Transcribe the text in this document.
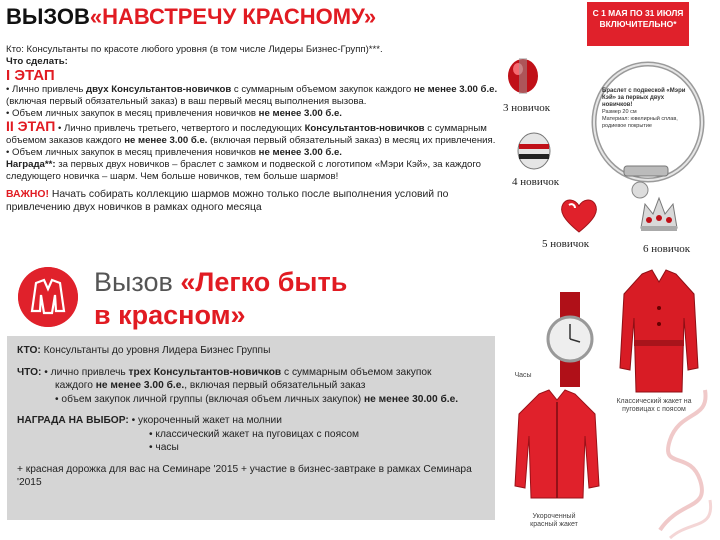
ВЫЗОВ«НАВСТРЕЧУ КРАСНОМУ»

Кто: Консультанты по красоте любого уровня (в том числе Лидеры Бизнес-Групп)***.

Что сделать:

I ЭТАП

• Лично привлечь двух Консультантов-новичков с суммарным объемом закупок каждого не менее 3.00 б.е. (включая первый обязательный заказ) в ваш первый месяц выполнения вызова.

• Объем личных закупок в месяц привлечения новичков не менее 3.00 б.е.

II ЭТАП • Лично привлечь третьего, четвертого и последующих Консультантов-новичков с суммарным объемом заказов каждого не менее 3.00 б.е. (включая первый обязательный заказ) в месяц их привлечения.

• Объем личных закупок в месяц привлечения новичков не менее 3.00 б.е.

Награда**: за первых двух новичков – браслет с замком и подвеской с логотипом «Мэри Кэй», за каждого следующего новичка – шарм. Чем больше новичков, тем больше шармов!

ВАЖНО! Начать собирать коллекцию шармов можно только после выполнения условий по привлечению двух новичков в рамках одного месяца

С 1 МАЯ ПО 31 ИЮЛЯ ВКЛЮЧИТЕЛЬНО*
Браслет с подвеской «Мэри Кэй» за первых двух новичков!
Размер 20 см
Материал: ювелирный сплав, родиевое покрытие
3 новичок
4 новичок
5 новичок	6 новичок
Вызов «Легко быть
в красном»

КТО: Консультанты до уровня Лидера Бизнес Группы

ЧТО: • лично привлечь трех Консультантов-новичков с суммарным объемом закупок

каждого не менее 3.00 б.е., включая первый обязательный заказ

• объем закупок личной группы (включая объем личных закупок) не менее 30.00 б.е.

НАГРАДА НА ВЫБОР: • укороченный жакет на молнии

• классический жакет на пуговицах с поясом

• часы

+ красная дорожка для вас на Семинаре '2015 + участие в бизнес-завтраке в рамках Семинара '2015

Часы
Классический жакет на пуговицах с поясом
Укороченный красный жакет
